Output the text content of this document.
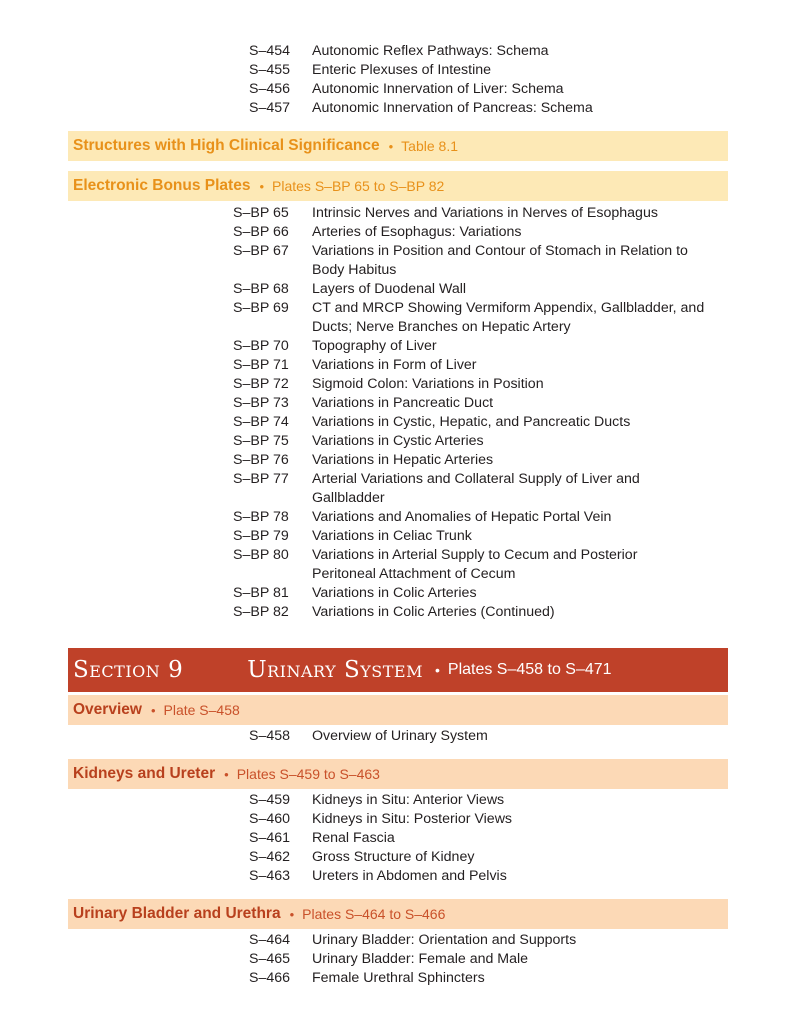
Structures with High Clinical Significance • Table 8.1
Electronic Bonus Plates • Plates S–BP 65 to S–BP 82
Section 9	Urinary System • Plates S–458 to S–471
Overview • Plate S–458
Kidneys and Ureter • Plates S–459 to S–463
Urinary Bladder and Urethra • Plates S–464 to S–466
S–454 Autonomic Reflex Pathways: Schema
S–455 Enteric Plexuses of Intestine
S–456 Autonomic Innervation of Liver: Schema
S–457 Autonomic Innervation of Pancreas: Schema
S–BP 65 Intrinsic Nerves and Variations in Nerves of Esophagus
S–BP 66 Arteries of Esophagus: Variations
S–BP 67 Variations in Position and Contour of Stomach in Relation to
Body Habitus
S–BP 68 Layers of Duodenal Wall
S–BP 69 CT and MRCP Showing Vermiform Appendix, Gallbladder, and
Ducts; Nerve Branches on Hepatic Artery
S–BP 70 Topography of Liver
S–BP 71 Variations in Form of Liver
S–BP 72 Sigmoid Colon: Variations in Position
S–BP 73 Variations in Pancreatic Duct
S–BP 74 Variations in Cystic, Hepatic, and Pancreatic Ducts
S–BP 75 Variations in Cystic Arteries
S–BP 76 Variations in Hepatic Arteries
S–BP 77 Arterial Variations and Collateral Supply of Liver and
Gallbladder
S–BP 78 Variations and Anomalies of Hepatic Portal Vein
S–BP 79 Variations in Celiac Trunk
S–BP 80 Variations in Arterial Supply to Cecum and Posterior
Peritoneal Attachment of Cecum
S–BP 81 Variations in Colic Arteries
S–BP 82 Variations in Colic Arteries (Continued)
S–458 Overview of Urinary System
S–459 Kidneys in Situ: Anterior Views
S–460 Kidneys in Situ: Posterior Views
S–461 Renal Fascia
S–462 Gross Structure of Kidney
S–463 Ureters in Abdomen and Pelvis
S–464 Urinary Bladder: Orientation and Supports
S–465 Urinary Bladder: Female and Male
S–466 Female Urethral Sphincters
